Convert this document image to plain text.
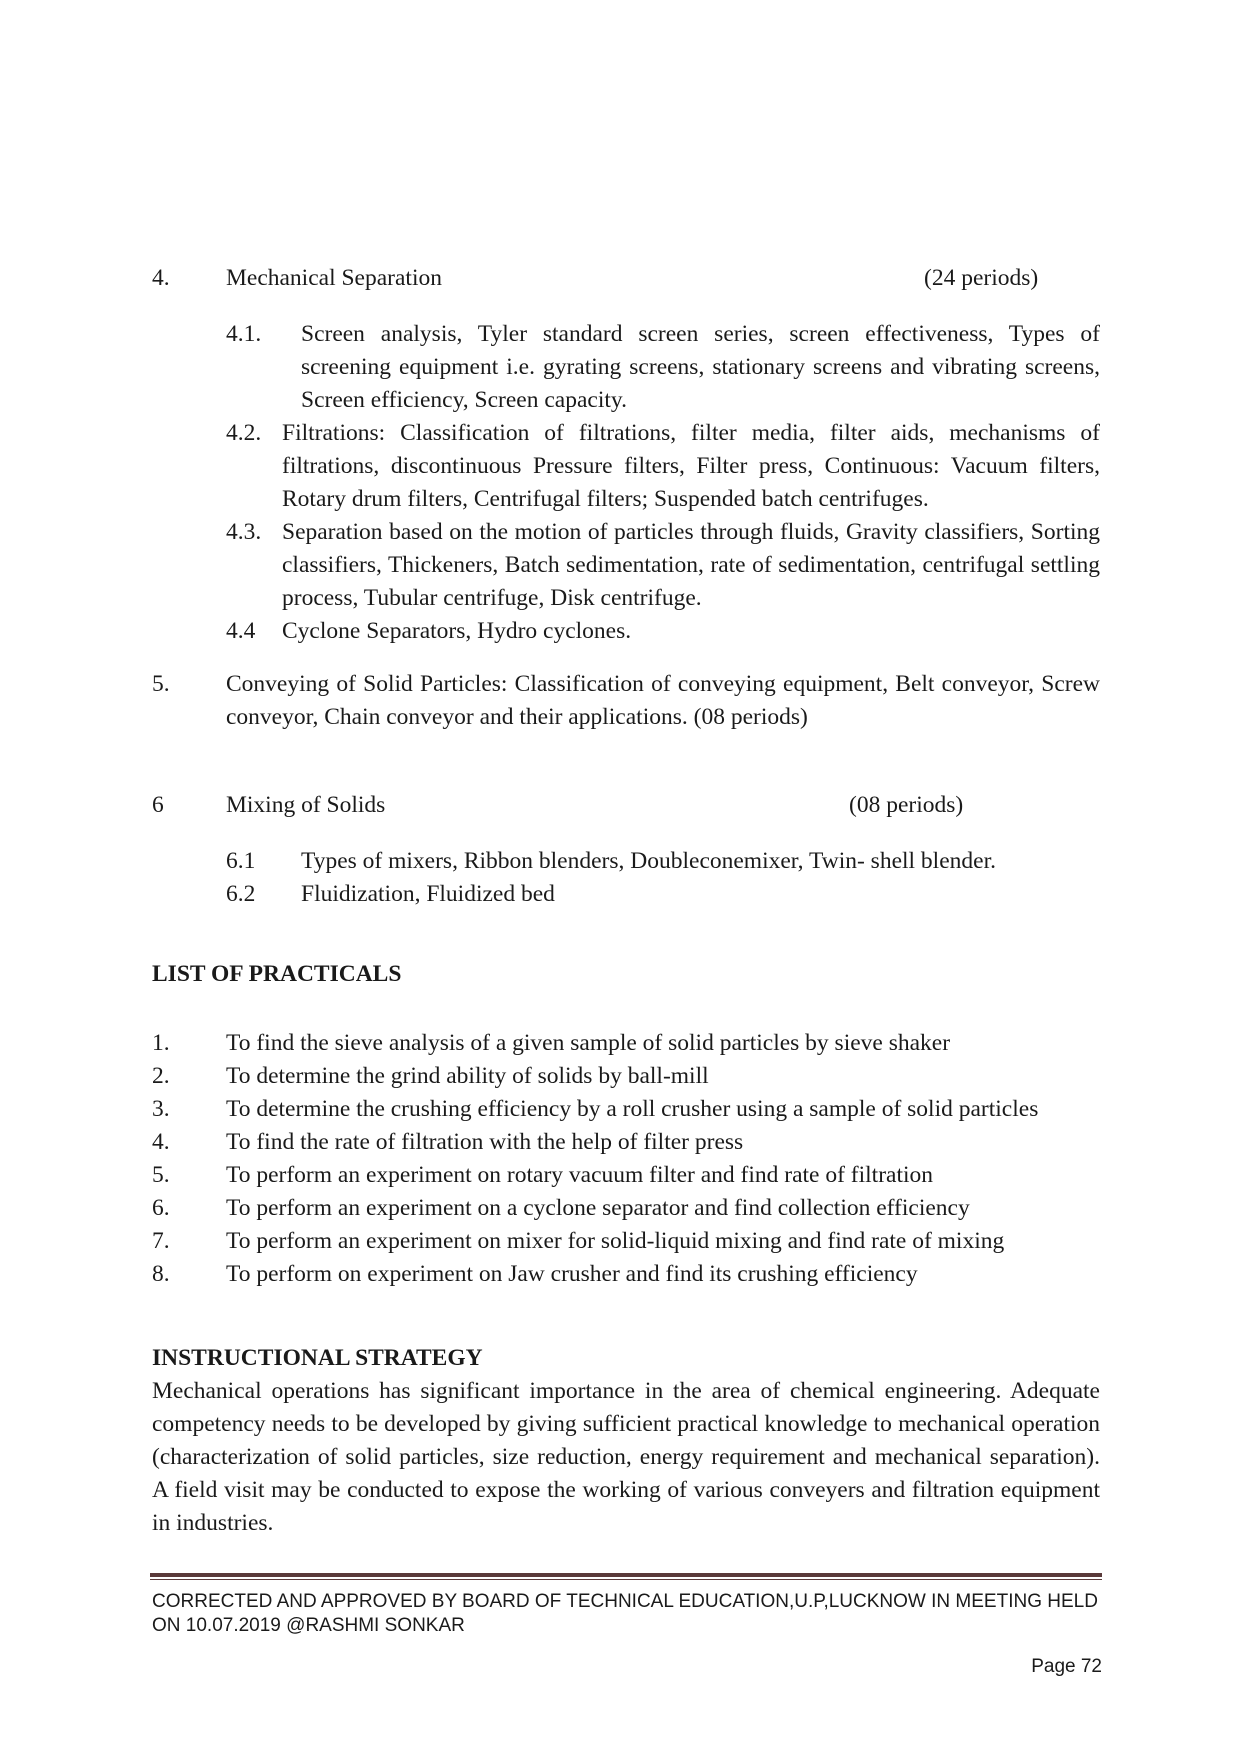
4. Mechanical Separation	(24 periods)
4.1. Screen analysis, Tyler standard screen series, screen effectiveness, Types of screening equipment i.e. gyrating screens, stationary screens and vibrating screens, Screen efficiency, Screen capacity.
4.2. Filtrations: Classification of filtrations, filter media, filter aids, mechanisms of filtrations, discontinuous Pressure filters, Filter press, Continuous: Vacuum filters, Rotary drum filters, Centrifugal filters; Suspended batch centrifuges.
4.3. Separation based on the motion of particles through fluids, Gravity classifiers, Sorting classifiers, Thickeners, Batch sedimentation, rate of sedimentation, centrifugal settling process, Tubular centrifuge, Disk centrifuge.
4.4 Cyclone Separators, Hydro cyclones.
5. Conveying of Solid Particles: Classification of conveying equipment, Belt conveyor, Screw conveyor, Chain conveyor and their applications. (08 periods)
6	Mixing of Solids	(08 periods)
6.1 Types of mixers, Ribbon blenders, Doubleconemixer, Twin- shell blender.
6.2 Fluidization, Fluidized bed
LIST OF PRACTICALS
1. To find the sieve analysis of a given sample of solid particles by sieve shaker
2. To determine the grind ability of solids by ball-mill
3. To determine the crushing efficiency by a roll crusher using a sample of solid particles
4. To find the rate of filtration with the help of filter press
5. To perform an experiment on rotary vacuum filter and find rate of filtration
6. To perform an experiment on a cyclone separator and find collection efficiency
7. To perform an experiment on mixer for solid-liquid mixing and find rate of mixing
8. To perform on experiment on Jaw crusher and find its crushing efficiency
INSTRUCTIONAL STRATEGY
Mechanical operations has significant importance in the area of chemical engineering. Adequate competency needs to be developed by giving sufficient practical knowledge to mechanical operation (characterization of solid particles, size reduction, energy requirement and mechanical separation). A field visit may be conducted to expose the working of various conveyers and filtration equipment in industries.
CORRECTED AND APPROVED BY BOARD OF TECHNICAL EDUCATION,U.P,LUCKNOW IN MEETING HELD ON 10.07.2019 @RASHMI SONKAR
Page 72
